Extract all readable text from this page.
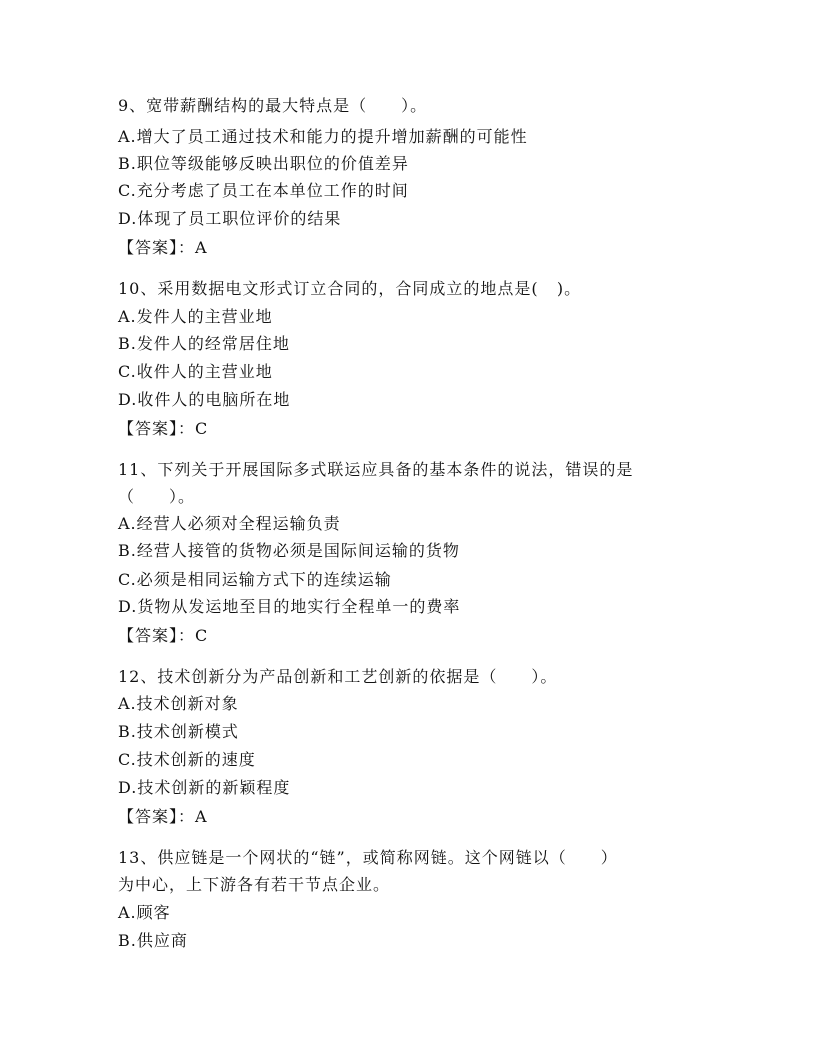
9、宽带薪酬结构的最大特点是（　　）。

A.增大了员工通过技术和能力的提升增加薪酬的可能性

B.职位等级能够反映出职位的价值差异

C.充分考虑了员工在本单位工作的时间

D.体现了员工职位评价的结果

【答案】：A

10、采用数据电文形式订立合同的，合同成立的地点是(   )。

A.发件人的主营业地

B.发件人的经常居住地

C.收件人的主营业地

D.收件人的电脑所在地

【答案】：C

11、下列关于开展国际多式联运应具备的基本条件的说法，错误的是

（　　）。

A.经营人必须对全程运输负责

B.经营人接管的货物必须是国际间运输的货物

C.必须是相同运输方式下的连续运输

D.货物从发运地至目的地实行全程单一的费率

【答案】：C

12、技术创新分为产品创新和工艺创新的依据是（　　）。

A.技术创新对象

B.技术创新模式

C.技术创新的速度

D.技术创新的新颖程度

【答案】：A

13、供应链是一个网状的“链”，或简称网链。这个网链以（　　）

为中心，上下游各有若干节点企业。

A.顾客

B.供应商
